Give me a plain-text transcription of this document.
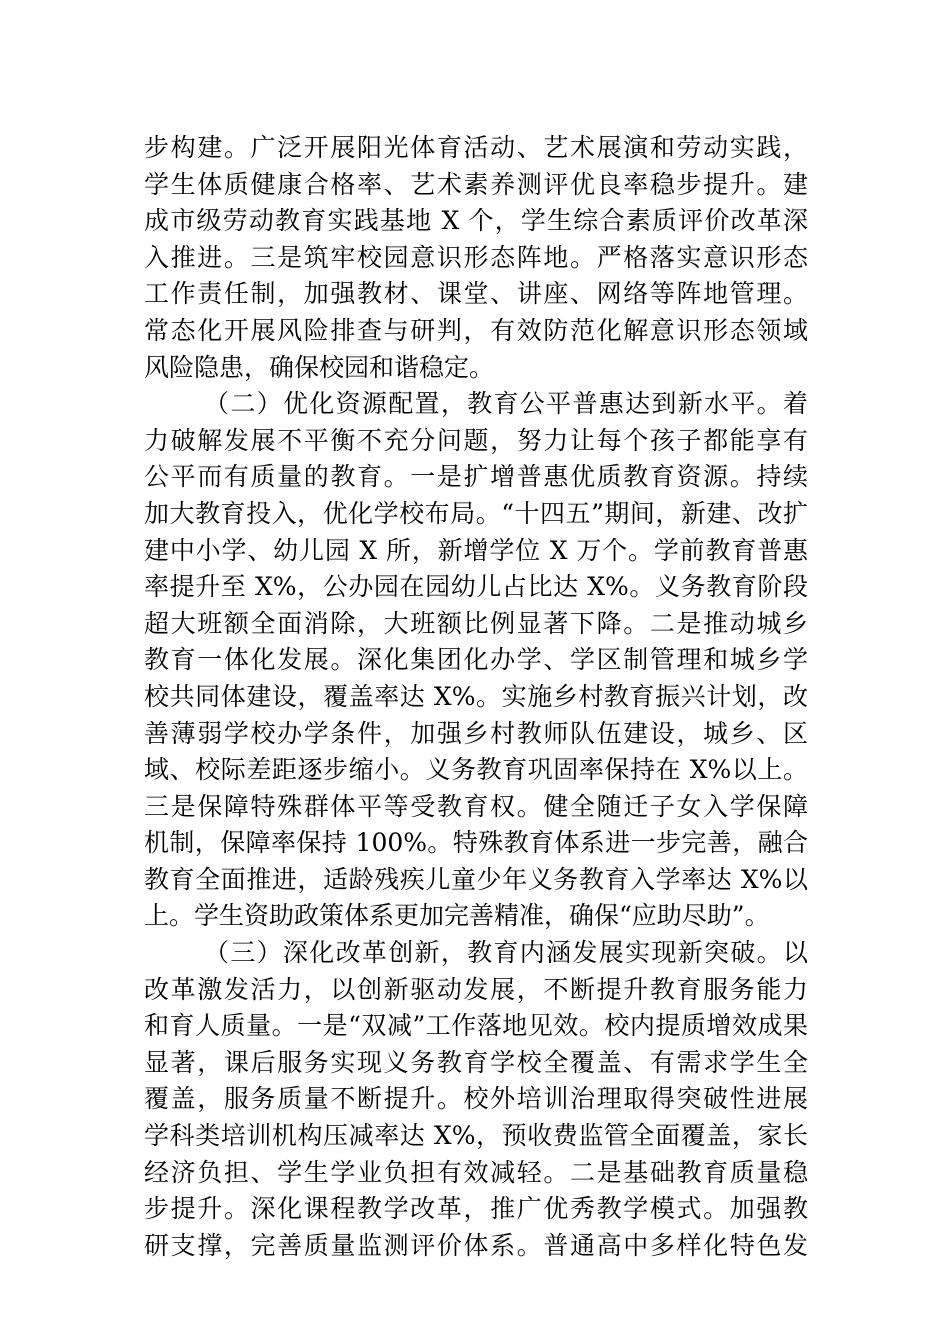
步构建。广泛开展阳光体育活动、艺术展演和劳动实践，
学生体质健康合格率、艺术素养测评优良率稳步提升。建
成市级劳动教育实践基地 X 个，学生综合素质评价改革深
入推进。三是筑牢校园意识形态阵地。严格落实意识形态
工作责任制，加强教材、课堂、讲座、网络等阵地管理。
常态化开展风险排查与研判，有效防范化解意识形态领域
风险隐患，确保校园和谐稳定。
（二）优化资源配置，教育公平普惠达到新水平。着
力破解发展不平衡不充分问题，努力让每个孩子都能享有
公平而有质量的教育。一是扩增普惠优质教育资源。持续
加大教育投入，优化学校布局。“十四五”期间，新建、改扩
建中小学、幼儿园 X 所，新增学位 X 万个。学前教育普惠
率提升至 X%，公办园在园幼儿占比达 X%。义务教育阶段
超大班额全面消除，大班额比例显著下降。二是推动城乡
教育一体化发展。深化集团化办学、学区制管理和城乡学
校共同体建设，覆盖率达 X%。实施乡村教育振兴计划，改
善薄弱学校办学条件，加强乡村教师队伍建设，城乡、区
域、校际差距逐步缩小。义务教育巩固率保持在 X%以上。
三是保障特殊群体平等受教育权。健全随迁子女入学保障
机制，保障率保持 100%。特殊教育体系进一步完善，融合
教育全面推进，适龄残疾儿童少年义务教育入学率达 X%以
上。学生资助政策体系更加完善精准，确保“应助尽助”。
（三）深化改革创新，教育内涵发展实现新突破。以
改革激发活力，以创新驱动发展，不断提升教育服务能力
和育人质量。一是“双减”工作落地见效。校内提质增效成果
显著，课后服务实现义务教育学校全覆盖、有需求学生全
覆盖，服务质量不断提升。校外培训治理取得突破性进展
学科类培训机构压减率达 X%，预收费监管全面覆盖，家长
经济负担、学生学业负担有效减轻。二是基础教育质量稳
步提升。深化课程教学改革，推广优秀教学模式。加强教
研支撑，完善质量监测评价体系。普通高中多样化特色发
